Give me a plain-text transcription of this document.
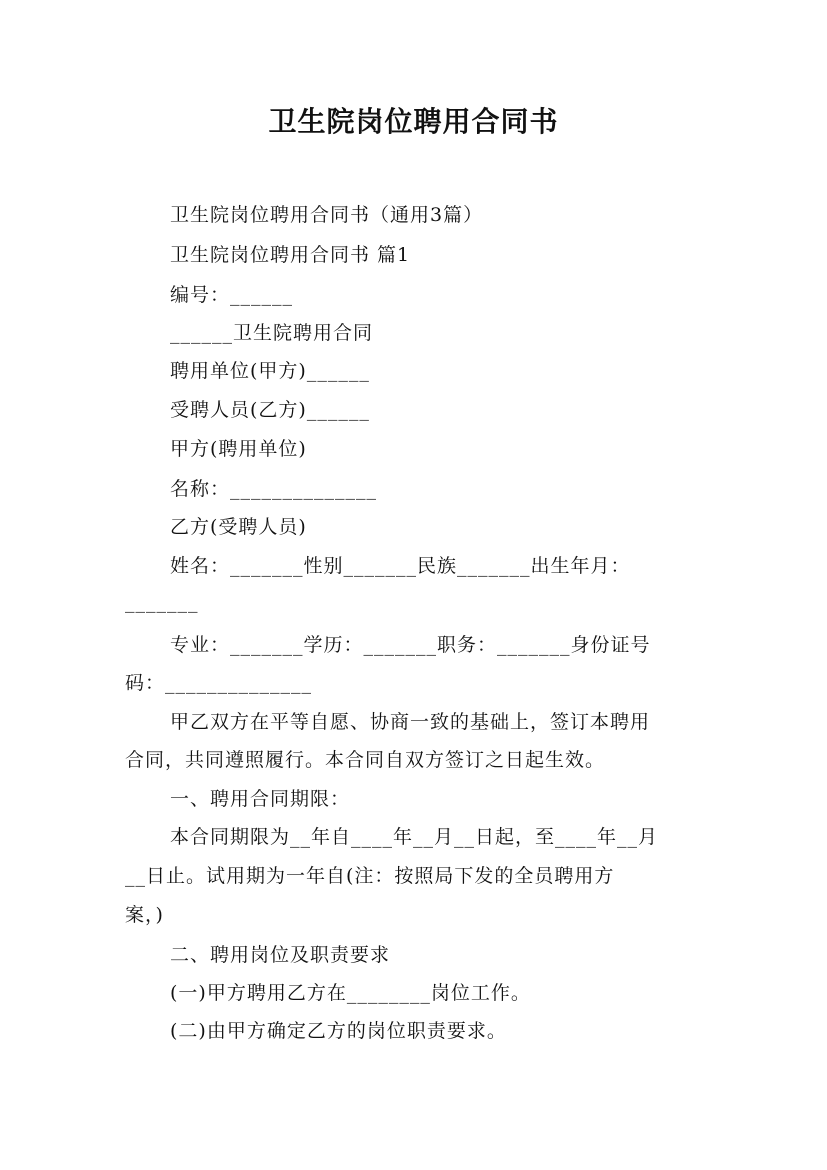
卫生院岗位聘用合同书
卫生院岗位聘用合同书（通用3篇）
卫生院岗位聘用合同书 篇1
编号：______
______卫生院聘用合同
聘用单位(甲方)______
受聘人员(乙方)______
甲方(聘用单位)
名称：______________
乙方(受聘人员)
姓名：_______性别_______民族_______出生年月：
_______
专业：_______学历：_______职务：_______身份证号
码：______________
甲乙双方在平等自愿、协商一致的基础上，签订本聘用
合同，共同遵照履行。本合同自双方签订之日起生效。
一、聘用合同期限：
本合同期限为__年自____年__月__日起，至____年__月
__日止。试用期为一年自(注：按照局下发的全员聘用方
案，)
二、聘用岗位及职责要求
(一)甲方聘用乙方在________岗位工作。
(二)由甲方确定乙方的岗位职责要求。
